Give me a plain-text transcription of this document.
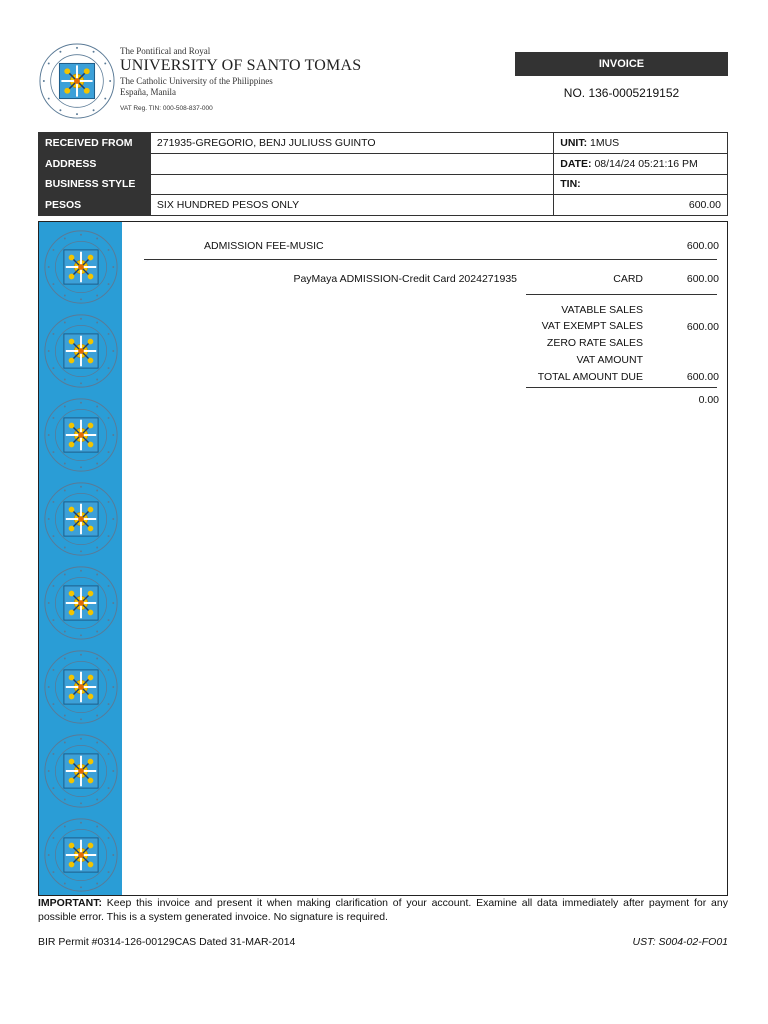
The Pontifical and Royal
UNIVERSITY OF SANTO TOMAS
The Catholic University of the Philippines
España, Manila
VAT Reg. TIN: 000-508-837-000
INVOICE
NO. 136-0005219152
RECEIVED FROM	271935-GREGORIO, BENJ JULIUSS GUINTO	UNIT: 1MUS
ADDRESS		DATE: 08/14/24 05:21:16 PM
BUSINESS STYLE		TIN:
PESOS	SIX HUNDRED PESOS ONLY	600.00
ADMISSION FEE-MUSIC	600.00
PayMaya ADMISSION-Credit Card 2024271935	CARD	600.00
VATABLE SALES
VAT EXEMPT SALES	600.00
ZERO RATE SALES
VAT AMOUNT
TOTAL AMOUNT DUE	600.00
0.00
IMPORTANT: Keep this invoice and present it when making clarification of your account. Examine all data immediately after payment for any possible error. This is a system generated invoice. No signature is required.
BIR Permit #0314-126-00129CAS Dated 31-MAR-2014	UST: S004-02-FO01
